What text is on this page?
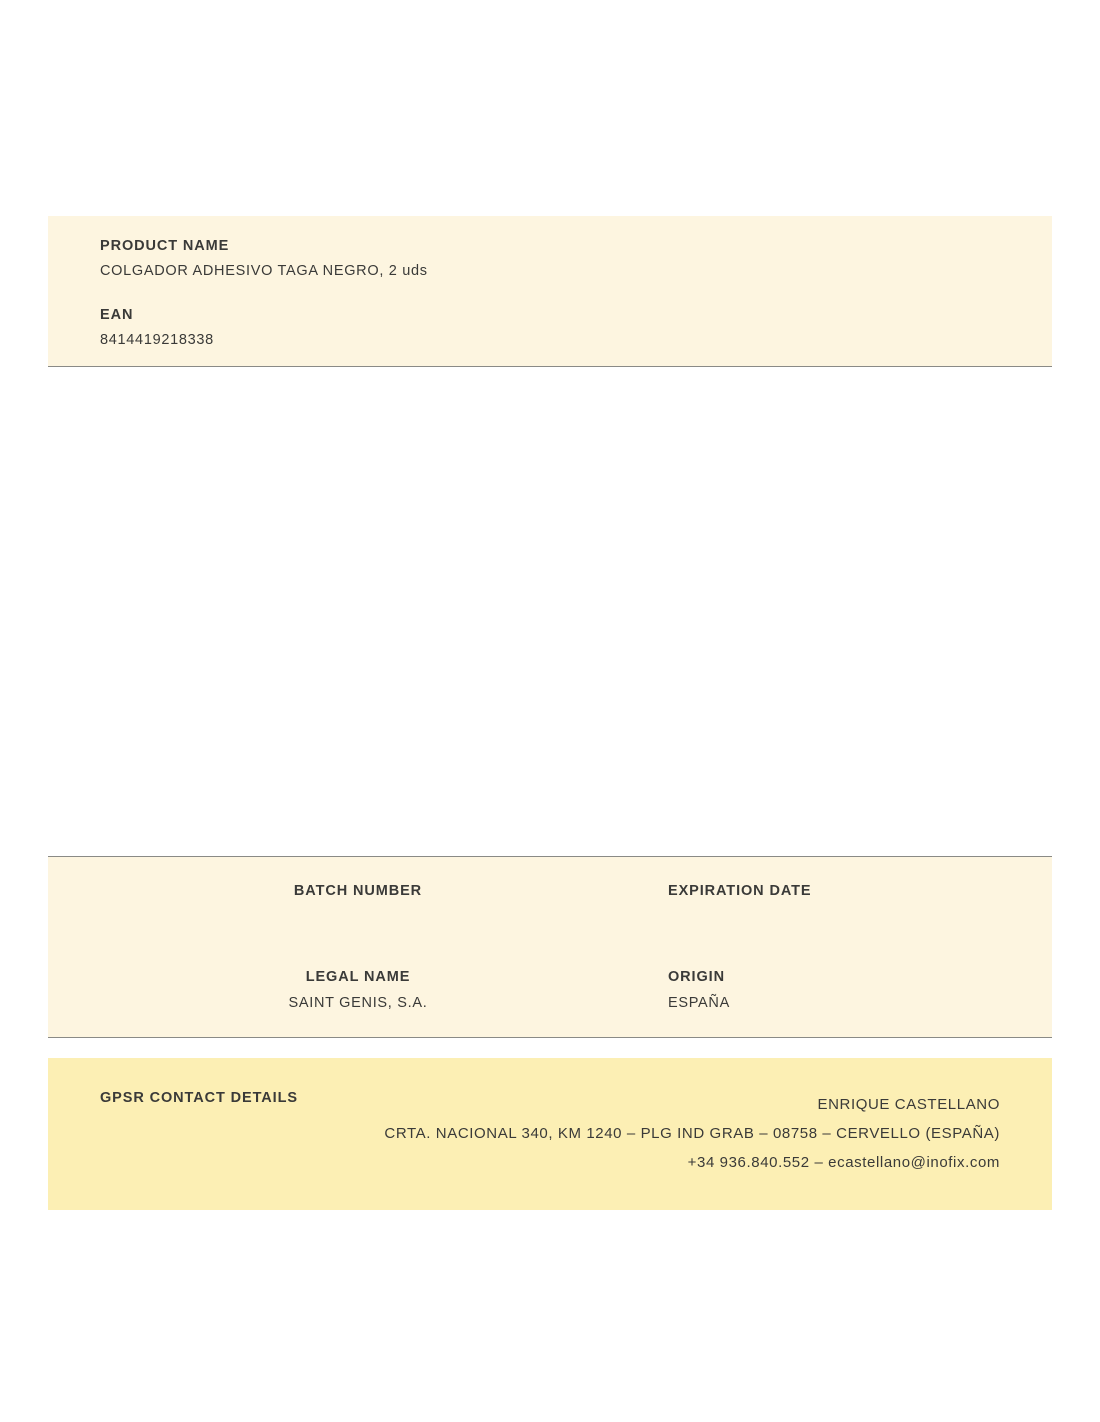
PRODUCT NAME
COLGADOR ADHESIVO TAGA NEGRO, 2 uds
EAN
8414419218338
BATCH NUMBER	EXPIRATION DATE
LEGAL NAME
SAINT GENIS, S.A.
ORIGIN
ESPAÑA
GPSR CONTACT DETAILS	ENRIQUE CASTELLANO
CRTA. NACIONAL 340, KM 1240 – PLG IND GRAB – 08758 – CERVELLO (ESPAÑA)
+34 936.840.552 – ecastellano@inofix.com
